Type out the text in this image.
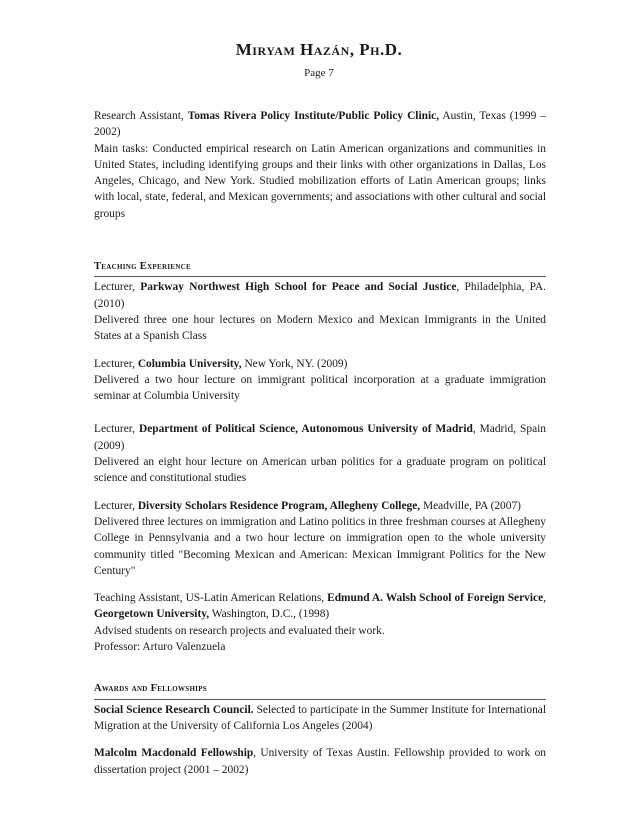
Miryam Hazán, Ph.D.
Page 7
Research Assistant, Tomas Rivera Policy Institute/Public Policy Clinic, Austin, Texas (1999 – 2002)
Main tasks: Conducted empirical research on Latin American organizations and communities in United States, including identifying groups and their links with other organizations in Dallas, Los Angeles, Chicago, and New York. Studied mobilization efforts of Latin American groups; links with local, state, federal, and Mexican governments; and associations with other cultural and social groups
Teaching Experience
Lecturer, Parkway Northwest High School for Peace and Social Justice, Philadelphia, PA. (2010)
Delivered three one hour lectures on Modern Mexico and Mexican Immigrants in the United States at a Spanish Class
Lecturer, Columbia University, New York, NY. (2009)
Delivered a two hour lecture on immigrant political incorporation at a graduate immigration seminar at Columbia University
Lecturer, Department of Political Science, Autonomous University of Madrid, Madrid, Spain (2009)
Delivered an eight hour lecture on American urban politics for a graduate program on political science and constitutional studies
Lecturer, Diversity Scholars Residence Program, Allegheny College, Meadville, PA (2007)
Delivered three lectures on immigration and Latino politics in three freshman courses at Allegheny College in Pennsylvania and a two hour lecture on immigration open to the whole university community titled "Becoming Mexican and American: Mexican Immigrant Politics for the New Century"
Teaching Assistant, US-Latin American Relations, Edmund A. Walsh School of Foreign Service, Georgetown University, Washington, D.C., (1998)
Advised students on research projects and evaluated their work.
Professor: Arturo Valenzuela
Awards and Fellowships
Social Science Research Council. Selected to participate in the Summer Institute for International Migration at the University of California Los Angeles (2004)
Malcolm Macdonald Fellowship, University of Texas Austin. Fellowship provided to work on dissertation project (2001 – 2002)
